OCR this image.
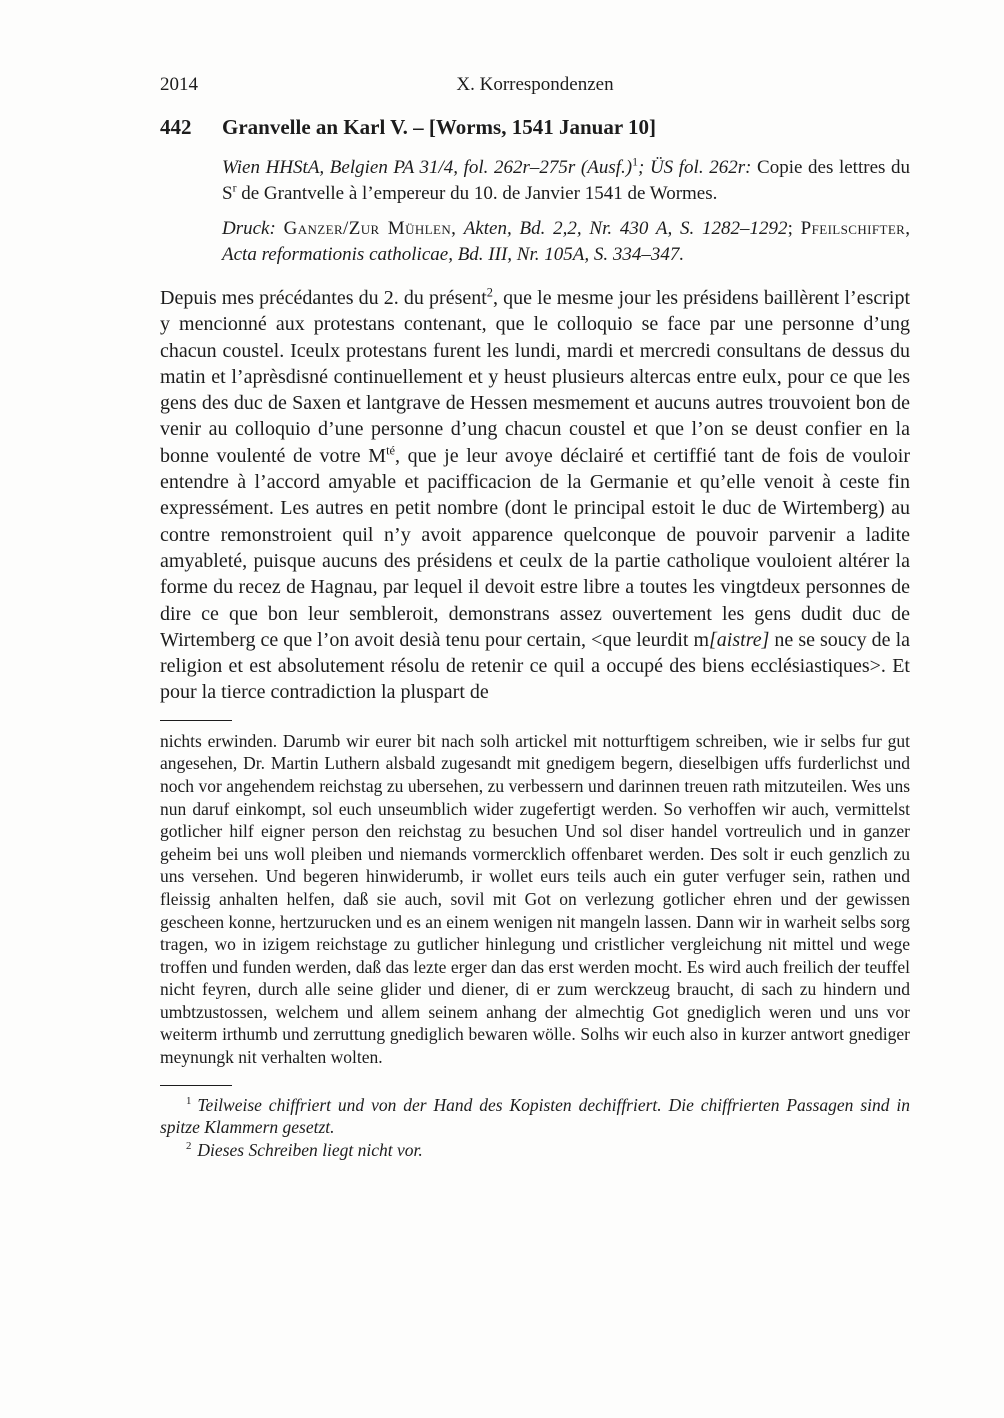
2014	X. Korrespondenzen
442	Granvelle an Karl V. – [Worms, 1541 Januar 10]

Wien HHStA, Belgien PA 31/4, fol. 262r–275r (Ausf.)$^1$; ÜS fol. 262r: Copie des lettres du $S^r$ de Grantvelle à l’empereur du 10. de Janvier 1541 de Wormes.

Druck: Ganzer/Zur Mühlen, Akten, Bd. 2,2, Nr. 430 A, S. 1282–1292; Pfeilschifter, Acta reformationis catholicae, Bd. III, Nr. 105A, S. 334–347.

Depuis mes précédantes du 2. du présent$^2$, que le mesme jour les présidens baillèrent l’escript y mencionné aux protestans contenant, que le colloquio se face par une personne d’ung chacun coustel. Iceulx protestans furent les lundi, mardi et mercredi consultans de dessus du matin et l’aprèsdisné continuellement et y heust plusieurs altercas entre eulx, pour ce que les gens des duc de Saxen et lantgrave de Hessen mesmement et aucuns autres trouvoient bon de venir au colloquio d’une personne d’ung chacun coustel et que l’on se deust confier en la bonne voulenté de votre $M^{té}$, que je leur avoye déclairé et certiffié tant de fois de vouloir entendre à l’accord amyable et pacifficacion de la Germanie et qu’elle venoit à ceste fin expressément. Les autres en petit nombre (dont le principal estoit le duc de Wirtemberg) au contre remonstroient quil n’y avoit apparence quelconque de pouvoir parvenir a ladite amyableté, puisque aucuns des présidens et ceulx de la partie catholique vouloient altérer la forme du recez de Hagnau, par lequel il devoit estre libre a toutes les vingtdeux personnes de dire ce que bon leur sembleroit, demonstrans assez ouvertement les gens dudit duc de Wirtemberg ce que l’on avoit desià tenu pour certain, <que leurdit m[aistre] ne se soucy de la religion et est absolutement résolu de retenir ce quil a occupé des biens ecclésiastiques>. Et pour la tierce contradiction la pluspart de

nichts erwinden. Darumb wir eurer bit nach solh artickel mit notturftigem schreiben, wie ir selbs fur gut angesehen, Dr. Martin Luthern alsbald zugesandt mit gnedigem begern, dieselbigen uffs furderlichst und noch vor angehendem reichstag zu ubersehen, zu verbessern und darinnen treuen rath mitzuteilen. Wes uns nun daruf einkompt, sol euch unseumblich wider zugefertigt werden. So verhoffen wir auch, vermittelst gotlicher hilf eigner person den reichstag zu besuchen Und sol diser handel vortreulich und in ganzer geheim bei uns woll pleiben und niemands vormercklich offenbaret werden. Des solt ir euch genzlich zu uns versehen. Und begeren hinwiderumb, ir wollet eurs teils auch ein guter verfuger sein, rathen und fleissig anhalten helfen, daß sie auch, sovil mit Got on verlezung gotlicher ehren und der gewissen gescheen konne, hertzurucken und es an einem wenigen nit mangeln lassen. Dann wir in warheit selbs sorg tragen, wo in izigem reichstage zu gutlicher hinlegung und cristlicher vergleichung nit mittel und wege troffen und funden werden, daß das lezte erger dan das erst werden mocht. Es wird auch freilich der teuffel nicht feyren, durch alle seine glider und diener, di er zum werckzeug braucht, di sach zu hindern und umbtzustossen, welchem und allem seinem anhang der almechtig Got gnediglich weren und uns vor weiterm irthumb und zerruttung gnediglich bewaren wölle. Solhs wir euch also in kurzer antwort gnediger meynungk nit verhalten wolten.

$^1$ Teilweise chiffriert und von der Hand des Kopisten dechiffriert. Die chiffrierten Passagen sind in spitze Klammern gesetzt.

$^2$ Dieses Schreiben liegt nicht vor.
